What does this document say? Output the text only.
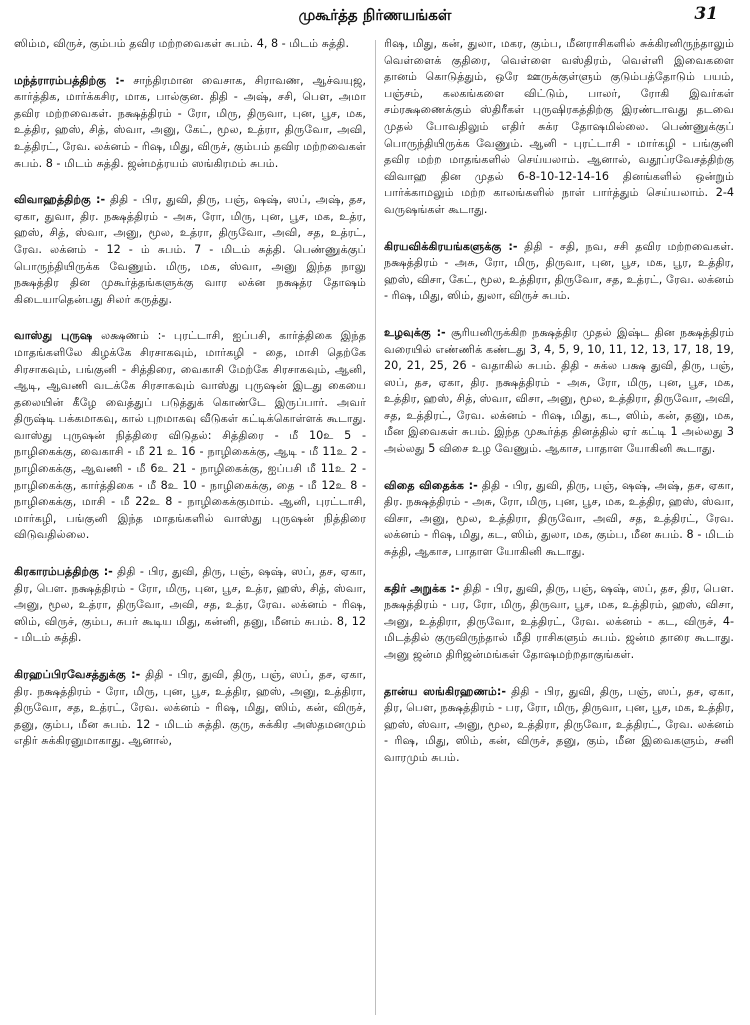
முகூர்த்த நிர்ணயங்கள்	31

ஸிம்ம, விருச், கும்பம் தவிர மற்றவைகள் சுபம். 4, 8 - மிடம் சுத்தி.

மந்த்ராரம்பத்திற்கு :- சாந்திரமான வைசாக, சிராவண, ஆச்வயுஜ, கார்த்திக, மார்க்கசிர, மாக, பால்குன. திதி - அஷ், சசி, பௌ, அமா தவிர மற்றவைகள். நக்ஷத்திரம் - ரோ, மிரு, திருவா, புன, பூச, மக, உத்திர, ஹஸ், சித், ஸ்வா, அனு, கேட், மூல, உத்ரா, திருவோ, அவி, உத்திரட், ரேவ. லக்னம் - ரிஷ, மிது, விருச், கும்பம் தவிர மற்றவைகள் சுபம். 8 - மிடம் சுத்தி. ஜன்மத்ரயம் ஸங்கிரமம் சுபம்.

விவாஹத்திற்கு :- திதி - பிர, துவி, திரு, பஞ், ஷஷ், ஸப், அஷ், தச, ஏகா, துவா, திர. நக்ஷத்திரம் - அசு, ரோ, மிரு, புன, பூச, மக, உத்ர, ஹஸ், சித், ஸ்வா, அனு, மூல, உத்ரா, திருவோ, அவி, சத, உத்ரட், ரேவ. லக்னம் - 12 - ம் சுபம். 7 - மிடம் சுத்தி. பெண்ணுக்குப் பொருந்தியிருக்க வேணும். மிரு, மக, ஸ்வா, அனு இந்த நாலு நக்ஷத்திர தின முகூர்த்தங்களுக்கு வார லக்ன நக்ஷத்ர தோஷம் கிடையாதென்பது சிலர் கருத்து.

வாஸ்து புருஷ லக்ஷணம் :- புரட்டாசி, ஐப்பசி, கார்த்திகை இந்த மாதங்களிலே கிழக்கே சிரசாகவும், மார்கழி - தை, மாசி தெற்கே சிரசாகவும், பங்குனி - சித்திரை, வைகாசி மேற்கே சிரசாகவும், ஆனி, ஆடி, ஆவணி வடக்கே சிரசாகவும் வாஸ்து புருஷன் இடது கையை தலையின் கீழே வைத்துப் படுத்துக் கொண்டே இருப்பார். அவர் திருஷ்டி பக்கமாகவு, கால் புறமாகவு வீடுகள் கட்டிக்கொள்ளக் கூடாது. வாஸ்து புருஷன் நித்திரை விடுதல்: சித்திரை - மீ 10உ 5 - நாழிகைக்கு, வைகாசி - மீ 21 உ 16 - நாழிகைக்கு, ஆடி - மீ 11உ 2 - நாழிகைக்கு, ஆவணி - மீ 6உ 21 - நாழிகைக்கு, ஐப்பசி மீ 11உ 2 - நாழிகைக்கு, கார்த்திகை - மீ 8உ 10 - நாழிகைக்கு, தை - மீ 12உ 8 - நாழிகைக்கு, மாசி - மீ 22உ 8 - நாழிகைக்குமாம். ஆனி, புரட்டாசி, மார்கழி, பங்குனி இந்த மாதங்களில் வாஸ்து புருஷன் நித்திரை விடுவதில்லை.

கிரகாரம்பத்திற்கு :- திதி - பிர, துவி, திரு, பஞ், ஷஷ், ஸப், தச, ஏகா, திர, பௌ. நக்ஷத்திரம் - ரோ, மிரு, புன, பூச, உத்ர, ஹஸ், சித், ஸ்வா, அனு, மூல, உத்ரா, திருவோ, அவி, சத, உத்ர, ரேவ. லக்னம் - ரிஷ, ஸிம், விருச், கும்ப, சுபர் கூடிய மிது, கன்னி, தனு, மீனம் சுபம். 8, 12 - மிடம் சுத்தி.

கிரஹப்பிரவேசத்துக்கு :- திதி - பிர, துவி, திரு, பஞ், ஸப், தச, ஏகா, திர. நக்ஷத்திரம் - ரோ, மிரு, புன, பூச, உத்திர, ஹஸ், அனு, உத்திரா, திருவோ, சத, உத்ரட், ரேவ. லக்னம் - ரிஷ, மிது, ஸிம், கன், விருச், தனு, கும்ப, மீன சுபம். 12 - மிடம் சுத்தி. குரு, சுக்கிர அஸ்தமனமும் எதிர் சுக்கிரனுமாகாது. ஆனால்,

ரிஷ, மிது, கன், துலா, மகர, கும்ப, மீனராசிகளில் சுக்கிரனிருந்தாலும் வெள்ளைக் குதிரை, வெள்ளை வஸ்திரம், வெள்ளி இவைகளை தானம் கொடுத்தும், ஒரே ஊருக்குள்ளும் குடும்பத்தோடும் பயம், பஞ்சம், கலகங்களை விட்டும், பாலர், ரோகி இவர்கள் சம்ரக்ஷணைக்கும் ஸ்திரீகள் புருஷிரகத்திற்கு இரண்டாவது தடவை முதல் போவதிலும் எதிர் சுக்ர தோஷமில்லை. பெண்ணுக்குப் பொருந்தியிருக்க வேணும். ஆனி - புரட்டாசி - மார்கழி - பங்குனி தவிர மற்ற மாதங்களில் செய்யலாம். ஆனால், வதூப்ரவேசத்திற்கு விவாஹ தின முதல் 6-8-10-12-14-16 தினங்களில் ஒன்றும் பார்க்காமலும் மற்ற காலங்களில் நாள் பார்த்தும் செய்யலாம். 2-4 வருஷங்கள் கூடாது.

கிரயவிக்கிரயங்களுக்கு :- திதி - சதி, நவ, சசி தவிர மற்றவைகள். நக்ஷத்திரம் - அசு, ரோ, மிரு, திருவா, புன, பூச, மக, பூர, உத்திர, ஹஸ், விசா, கேட், மூல, உத்திரா, திருவோ, சத, உத்ரட், ரேவ. லக்னம் - ரிஷ, மிது, ஸிம், துலா, விருச் சுபம்.

உழவுக்கு :- சூரியனிருக்கிற நக்ஷத்திர முதல் இஷ்ட தின நக்ஷத்திரம் வரையில் எண்ணிக் கண்டது 3, 4, 5, 9, 10, 11, 12, 13, 17, 18, 19, 20, 21, 25, 26 - வதாகில் சுபம். திதி - சுக்ல பக்ஷ துவி, திரு, பஞ், ஸப், தச, ஏகா, திர. நக்ஷத்திரம் - அசு, ரோ, மிரு, புன, பூச, மக, உத்திர, ஹஸ், சித், ஸ்வா, விசா, அனு, மூல, உத்திரா, திருவோ, அவி, சத, உத்திரட், ரேவ. லக்னம் - ரிஷ, மிது, கட, ஸிம், கன், தனு, மக, மீன இவைகள் சுபம். இந்த முகூர்த்த தினத்தில் ஏர் கட்டி 1 அல்லது 3 அல்லது 5 விசை உழ வேணும். ஆகாச, பாதாள யோகினி கூடாது.

விதை விதைக்க :- திதி - பிர, துவி, திரு, பஞ், ஷஷ், அஷ், தச, ஏகா, திர. நக்ஷத்திரம் - அசு, ரோ, மிரு, புன, பூச, மக, உத்திர, ஹஸ், ஸ்வா, விசா, அனு, மூல, உத்திரா, திருவோ, அவி, சத, உத்திரட், ரேவ. லக்னம் - ரிஷ, மிது, கட, ஸிம், துலா, மக, கும்ப, மீன சுபம். 8 - மிடம் சுத்தி, ஆகாச, பாதாள யோகினி கூடாது.

கதிர் அறுக்க :- திதி - பிர, துவி, திரு, பஞ், ஷஷ், ஸப், தச, திர, பௌ. நக்ஷத்திரம் - பர, ரோ, மிரு, திருவா, பூச, மக, உத்திரம், ஹஸ், விசா, அனு, உத்திரா, திருவோ, உத்திரட், ரேவ. லக்னம் - கட, விருச், 4-மிடத்தில் குருவிருந்தால் மீதி ராசிகளும் சுபம். ஜன்ம தாரை கூடாது. அனு ஜன்ம திரிஜன்மங்கள் தோஷமற்றதாகுங்கள்.

தான்ய ஸங்கிரஹணம்:- திதி - பிர, துவி, திரு, பஞ், ஸப், தச, ஏகா, திர, பௌ, நக்ஷத்திரம் - பர, ரோ, மிரு, திருவா, புன, பூச, மக, உத்திர, ஹஸ், ஸ்வா, அனு, மூல, உத்திரா, திருவோ, உத்திரட், ரேவ. லக்னம் - ரிஷ, மிது, ஸிம், கன், விருச், தனு, கும், மீன இவைகளும், சனி வாரமும் சுபம்.
